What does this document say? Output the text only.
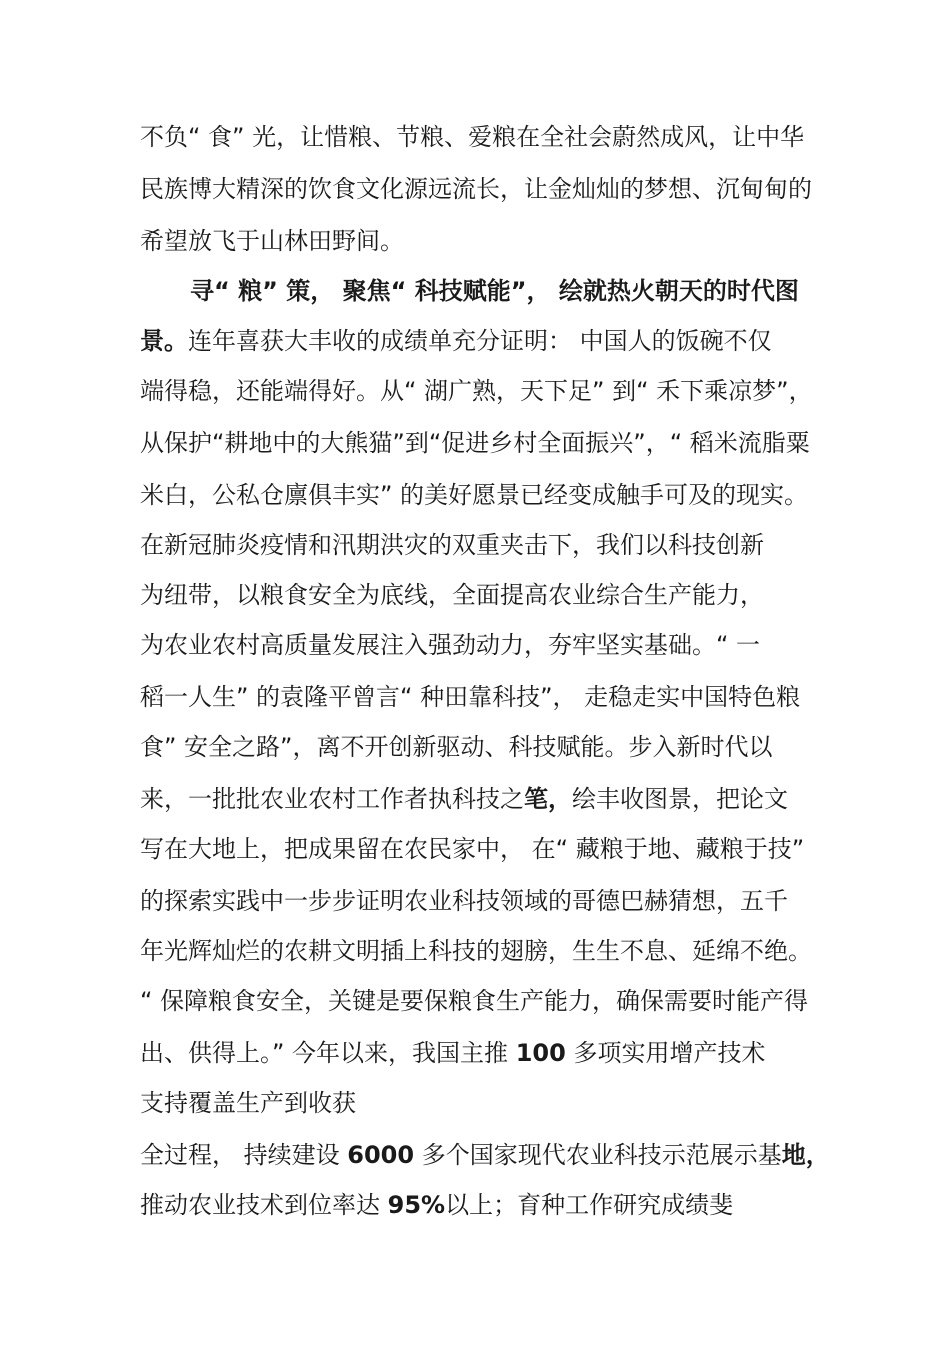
不负“ 食” 光，让惜粮、节粮、爱粮在全社会蔚然成风，让中华
民族博大精深的饮食文化源远流长，让金灿灿的梦想、沉甸甸的
希望放飞于山林田野间。
寻“ 粮” 策， 聚焦“ 科技赋能”， 绘就热火朝天的时代图
景。连年喜获大丰收的成绩单充分证明： 中国人的饭碗不仅
端得稳，还能端得好。从“ 湖广熟，天下足” 到“ 禾下乘凉梦”，
从保护“耕地中的大熊猫”到“促进乡村全面振兴”，“ 稻米流脂粟
米白，公私仓廪俱丰实” 的美好愿景已经变成触手可及的现实。
在新冠肺炎疫情和汛期洪灾的双重夹击下，我们以科技创新
为纽带，以粮食安全为底线，全面提高农业综合生产能力，
为农业农村高质量发展注入强劲动力，夯牢坚实基础。“ 一
稻一人生” 的袁隆平曾言“ 种田靠科技”， 走稳走实中国特色粮
食” 安全之路”，离不开创新驱动、科技赋能。步入新时代以
来，一批批农业农村工作者执科技之笔，绘丰收图景，把论文
写在大地上，把成果留在农民家中， 在“ 藏粮于地、藏粮于技”
的探索实践中一步步证明农业科技领域的哥德巴赫猜想，五千
年光辉灿烂的农耕文明插上科技的翅膀，生生不息、延绵不绝。
“ 保障粮食安全，关键是要保粮食生产能力，确保需要时能产得
出、供得上。” 今年以来，我国主推 100 多项实用增产技术
支持覆盖生产到收获
全过程， 持续建设 6000 多个国家现代农业科技示范展示基地，
推动农业技术到位率达 95%以上；育种工作研究成绩斐
